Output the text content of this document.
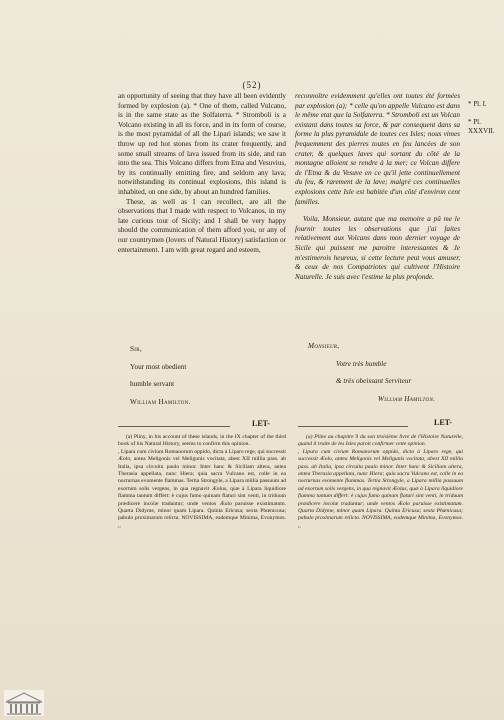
(52)
* Pl. I.
* Pl. XXXVII.

an opportunity of seeing that they have all been evidently formed by explosion (a). * One of them, called Vulcano, is in the same state as the Solfaterra. * Stromboli is a Volcano existing in all its force, and in its form of course, is the most pyramidal of all the Lipari islands; we saw it throw up red hot stones from its crater frequently, and some small streams of lava issued from its side, and ran into the sea. This Volcano differs from Etna and Vesuvius, by its continually emitting fire, and seldom any lava; notwithstanding its continual explosions, this island is inhabited, on one side, by about an hundred families.

These, as well as I can recollect, are all the observations that I made with respect to Volcanos, in my late curious tour of Sicily; and I shall be very happy should the communication of them afford you, or any of our countrymen (lovers of Natural History) satisfaction or entertainment. I am with great regard and esteem,

reconnoître evidemment qu'elles ont toutes été formées par explosion (a); * celle qu'on appelle Vulcano est dans le même etat que la Solfaterra. * Stromboli est un Volcan existant dans toutes sa force, & par consequent dans sa forme la plus pyramidale de toutes ces Isles; nous vimes frequemment des pierres toutes en feu lancées de son crater, & quelques laves qui sortant du côté de la montagne alloient se rendre à la mer; ce Volcan differe de l'Etna & du Vesuve en ce qu'il jette continuellement du feu, & rarement de la lave; malgré ces continuelles explosions cette Isle est habitée d'un côté d'environ cent familles.

Voila, Monsieur, autant que ma memoire a pû me le fournir toutes les observations que j'ai faites relativement aux Volcans dans mon dernier voyage de Sicile qui puissent me paroitre interessantes & Je m'estimerois heureux, si cette lecture peut vous amuser, & ceux de nos Compatriotes qui cultivent l'Histoire Naturelle. Je suis avec l'estime la plus profonde.

Sir,
Your most obedient
humble servant
William Hamilton.
Monsieur,
Votre très humble
& très obeissant Serviteur
William Hamilton.
LET-	LET-

(a) Pliny, in his account of these islands, in the IX chapter of the third book of his Natural History, seems to confirm this opinion.

, Lipara cum civium Romanorum oppido, dicta à Liparo rege, qui successit Æolo, antea Meligonis vel Meligunis vocitata, abest XII millia pass. ab Italia, ipsa circuitu paulo minor. Inter hanc & Siciliam altera, antea Therasia appellata, nunc Hiera; quia sacra Vulcano est, colle in ea nocturnas evomente flammas. Tertia Strongyle, a Lipara millia passuum ad exortum solis vergens, in qua regnavit Æolus, quæ à Lipara liquidiore flamma tantum differt: è cujus fumo quinam flaturi sint venti, in triduum prædicere incolæ traduntur; unde ventos Æolo paruisse existimatum. Quarta Didyme, minor quam Lipara. Quinta Ericusa; sexta Phœnicusa; pabulo proximarum relicta. NOVISSIMA, eademque Minima, Evonymos. ,,

(a) Pline au chapitre 9 du son troisième livre de l'Histoire Naturelle, quand il traite de les Isles paroit confirmer cette opinion.

, Lipara cum civium Romanorum oppido, dicta à Liparo rege, qui successit Æolo, antea Meligonis vel Meligunis vocitata, abest XII millia pass. ab Italia, ipsa circuitu paulo minor. Inter hanc & Siciliam altera, antea Therasia appellata, nunc Hiera; quia sacra Vulcano est, colle in ea nocturnas evomente flammas. Tertia Strongyle, a Lipara millia passuum ad exortum solis vergens, in qua regnavit Æolus, quæ à Lipara liquidiore flamma tantum differt: è cujus fumo quinam flaturi sint venti, in triduum prædicere incolæ traduntur; unde ventos Æolo paruisse existimatum. Quarta Didyme, minor quam Lipara. Quinta Ericusa; sexta Phœnicusa; pabulo proximarum relicta. NOVISSIMA, eademque Minima, Evonymos. ,,
